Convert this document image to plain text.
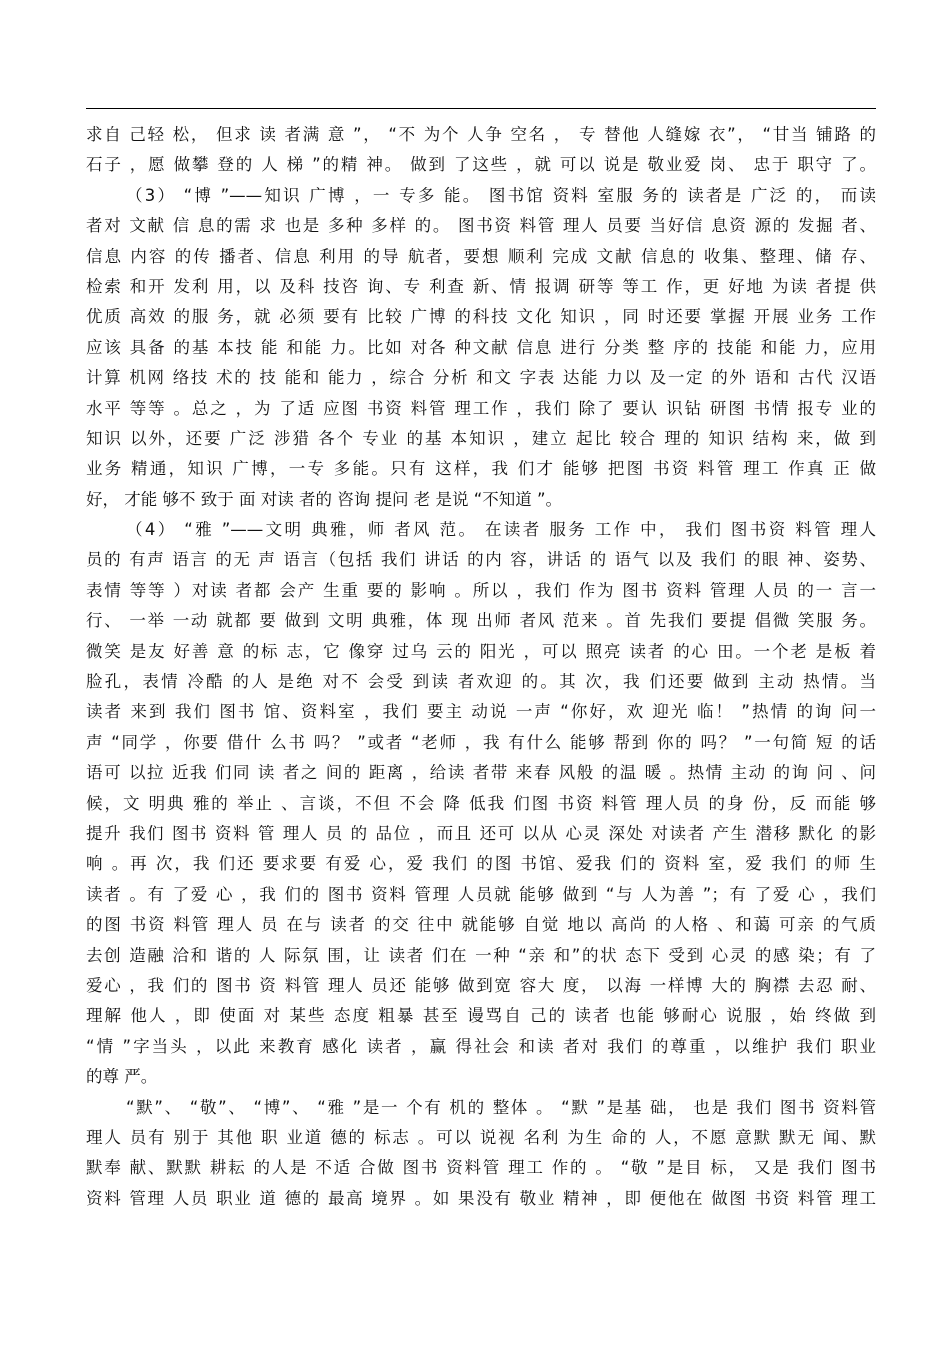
求自 己轻 松， 但求 读 者满 意 ”， “不 为个 人争 空名 ， 专 替他 人缝嫁 衣”， “甘当 铺路 的
石子 ，愿 做攀 登的 人 梯 ”的精 神。 做到 了这些 ，就 可以 说是 敬业爱 岗、 忠于 职守 了。
（3） “博 ”——知识 广博 ，一 专多 能。 图书馆 资料 室服 务的 读者是 广泛 的， 而读
者对 文献 信 息的需 求 也是 多种 多样 的。 图书资 料管 理人 员要 当好信 息资 源的 发掘 者、
信息 内容 的传 播者、信息 利用 的导 航者，要想 顺利 完成 文献 信息的 收集、整理、储 存、
检索 和开 发利 用，以 及科 技咨 询、专 利查 新、情 报调 研等 等工 作，更 好地 为读 者提 供
优质 高效 的服 务，就 必须 要有 比较 广博 的科技 文化 知识 ，同 时还要 掌握 开展 业务 工作
应该 具备 的基 本技 能 和能 力。比如 对各 种文献 信息 进行 分类 整 序的 技能 和能 力，应用
计算 机网 络技 术的 技 能和 能力 ，综合 分析 和文 字表 达能 力以 及一定 的外 语和 古代 汉语
水平 等等 。总之 ，为 了适 应图 书资 料管 理工作 ，我们 除了 要认 识钻 研图 书情 报专 业的
知识 以外，还要 广泛 涉猎 各个 专业 的基 本知识 ，建立 起比 较合 理的 知识 结构 来，做 到
业务 精通，知识 广博，一专 多能。只有 这样，我 们才 能够 把图 书资 料管 理工 作真 正 做
好， 才能 够不 致于 面 对读 者的 咨询 提问 老 是说 “不知道 ”。
（4） “雅 ”——文明 典雅，师 者风 范。 在读者 服务 工作 中， 我们 图书资 料管 理人
员的 有声 语言 的无 声 语言（包括 我们 讲话 的内 容，讲话 的 语气 以及 我们 的眼 神、姿势、
表情 等等 ）对读 者都 会产 生重 要的 影响 。所以 ，我们 作为 图书 资料 管理 人员 的一 言一
行、 一举 一动 就都 要 做到 文明 典雅，体 现 出师 者风 范来 。首 先我们 要提 倡微 笑服 务。
微笑 是友 好善 意 的标 志，它 像穿 过乌 云的 阳光 ，可以 照亮 读者 的心 田。一个老 是板 着
脸孔，表情 冷酷 的人 是绝 对不 会受 到读 者欢迎 的。其 次，我 们还要 做到 主动 热情。当
读者 来到 我们 图书 馆、资料室 ，我们 要主 动说 一声 “你好，欢 迎光 临！ ”热情 的询 问一
声 “同学 ，你要 借什 么书 吗？ ”或者 “老师 ，我 有什么 能够 帮到 你的 吗？ ”一句简 短 的话
语可 以拉 近我 们同 读 者之 间的 距离 ，给读 者带 来春 风般 的温 暖 。热情 主动 的询 问 、问
候，文 明典 雅的 举止 、言谈，不但 不会 降 低我 们图 书资 料管 理人员 的身 份，反 而能 够
提升 我们 图书 资料 管 理人 员 的 品位 ，而且 还可 以从 心灵 深处 对读者 产生 潜移 默化 的影
响 。再 次，我 们还 要求要 有爱 心，爱 我们 的图 书馆、爱我 们的 资料 室，爱 我们 的师 生
读者 。有 了爱 心 ，我 们的 图书 资料 管理 人员就 能够 做到 “与 人为善 ”；有 了爱 心 ，我们
的图 书资 料管 理人 员 在与 读者 的交 往中 就能够 自觉 地以 高尚 的人格 、和蔼 可亲 的气质
去创 造融 洽和 谐的 人 际氛 围，让 读者 们在 一种 “亲 和”的状 态下 受到 心灵 的感 染；有 了
爱心 ，我 们的 图书 资 料管 理人 员还 能够 做到宽 容大 度， 以海 一样博 大的 胸襟 去忍 耐、
理解 他人 ，即 使面 对 某些 态度 粗暴 甚至 谩骂自 己的 读者 也能 够耐心 说服 ，始 终做 到
“情 ”字当头 ，以此 来教育 感化 读者 ，赢 得社会 和读 者对 我们 的尊重 ，以维护 我们 职业
的尊 严。
“默”、 “敬”、 “博”、 “雅 ”是一 个有 机的 整体 。 “默 ”是基 础， 也是 我们 图书 资料管
理人 员有 别于 其他 职 业道 德的 标志 。可以 说视 名利 为生 命的 人，不愿 意默 默无 闻、默
默奉 献、默默 耕耘 的人是 不适 合做 图书 资料管 理工 作的 。 “敬 ”是目 标， 又是 我们 图书
资料 管理 人员 职业 道 德的 最高 境界 。如 果没有 敬业 精神 ，即 便他在 做图 书资 料管 理工
